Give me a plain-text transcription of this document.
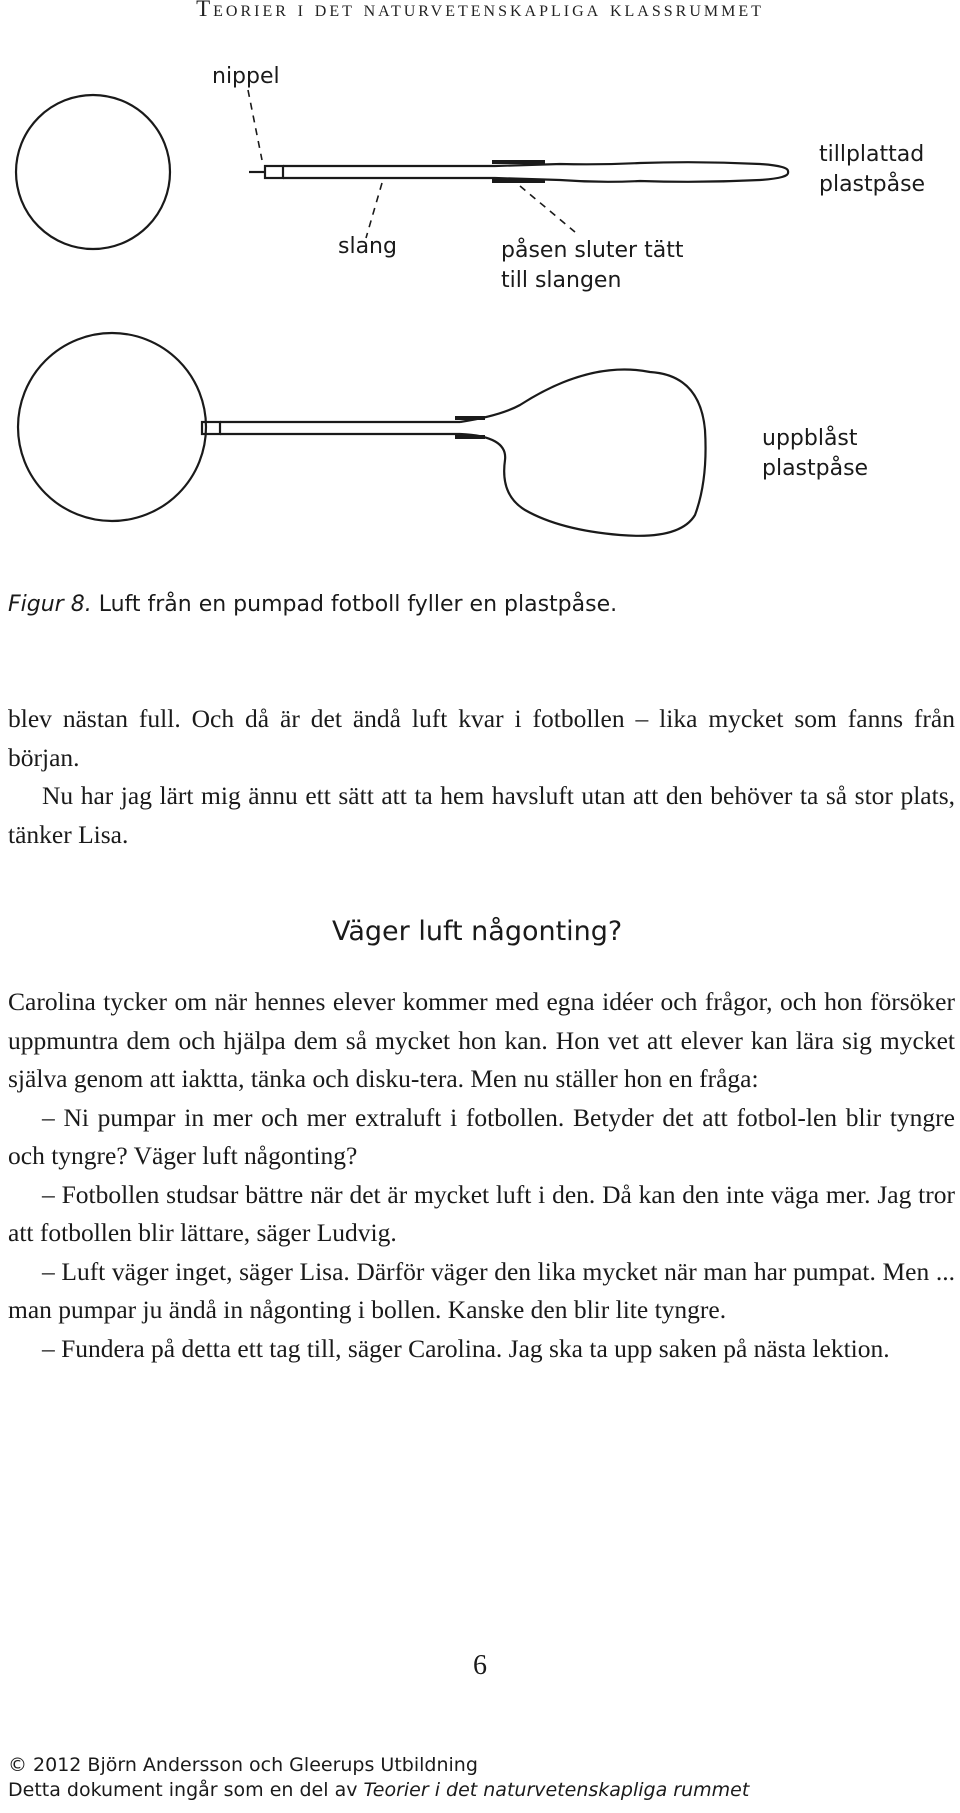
Teorier i det naturvetenskapliga klassrummet
nippel
tillplattad
plastpåse
slang	påsen sluter tätt
till slangen
uppblåst
plastpåse
Figur 8. Luft från en pumpad fotboll fyller en plastpåse.

blev nästan full. Och då är det ändå luft kvar i fotbollen – lika mycket som fanns från början.

Nu har jag lärt mig ännu ett sätt att ta hem havsluft utan att den behöver ta så stor plats, tänker Lisa.

Väger luft någonting?

Carolina tycker om när hennes elever kommer med egna idéer och frågor, och hon försöker uppmuntra dem och hjälpa dem så mycket hon kan. Hon vet att elever kan lära sig mycket själva genom att iaktta, tänka och disku-tera. Men nu ställer hon en fråga:

– Ni pumpar in mer och mer extraluft i fotbollen. Betyder det att fotbol-len blir tyngre och tyngre? Väger luft någonting?

– Fotbollen studsar bättre när det är mycket luft i den. Då kan den inte väga mer. Jag tror att fotbollen blir lättare, säger Ludvig.

– Luft väger inget, säger Lisa. Därför väger den lika mycket när man har pumpat. Men ... man pumpar ju ändå in någonting i bollen. Kanske den blir lite tyngre.

– Fundera på detta ett tag till, säger Carolina. Jag ska ta upp saken på nästa lektion.

6
© 2012 Björn Andersson och Gleerups Utbildning
Detta dokument ingår som en del av Teorier i det naturvetenskapliga rummet
